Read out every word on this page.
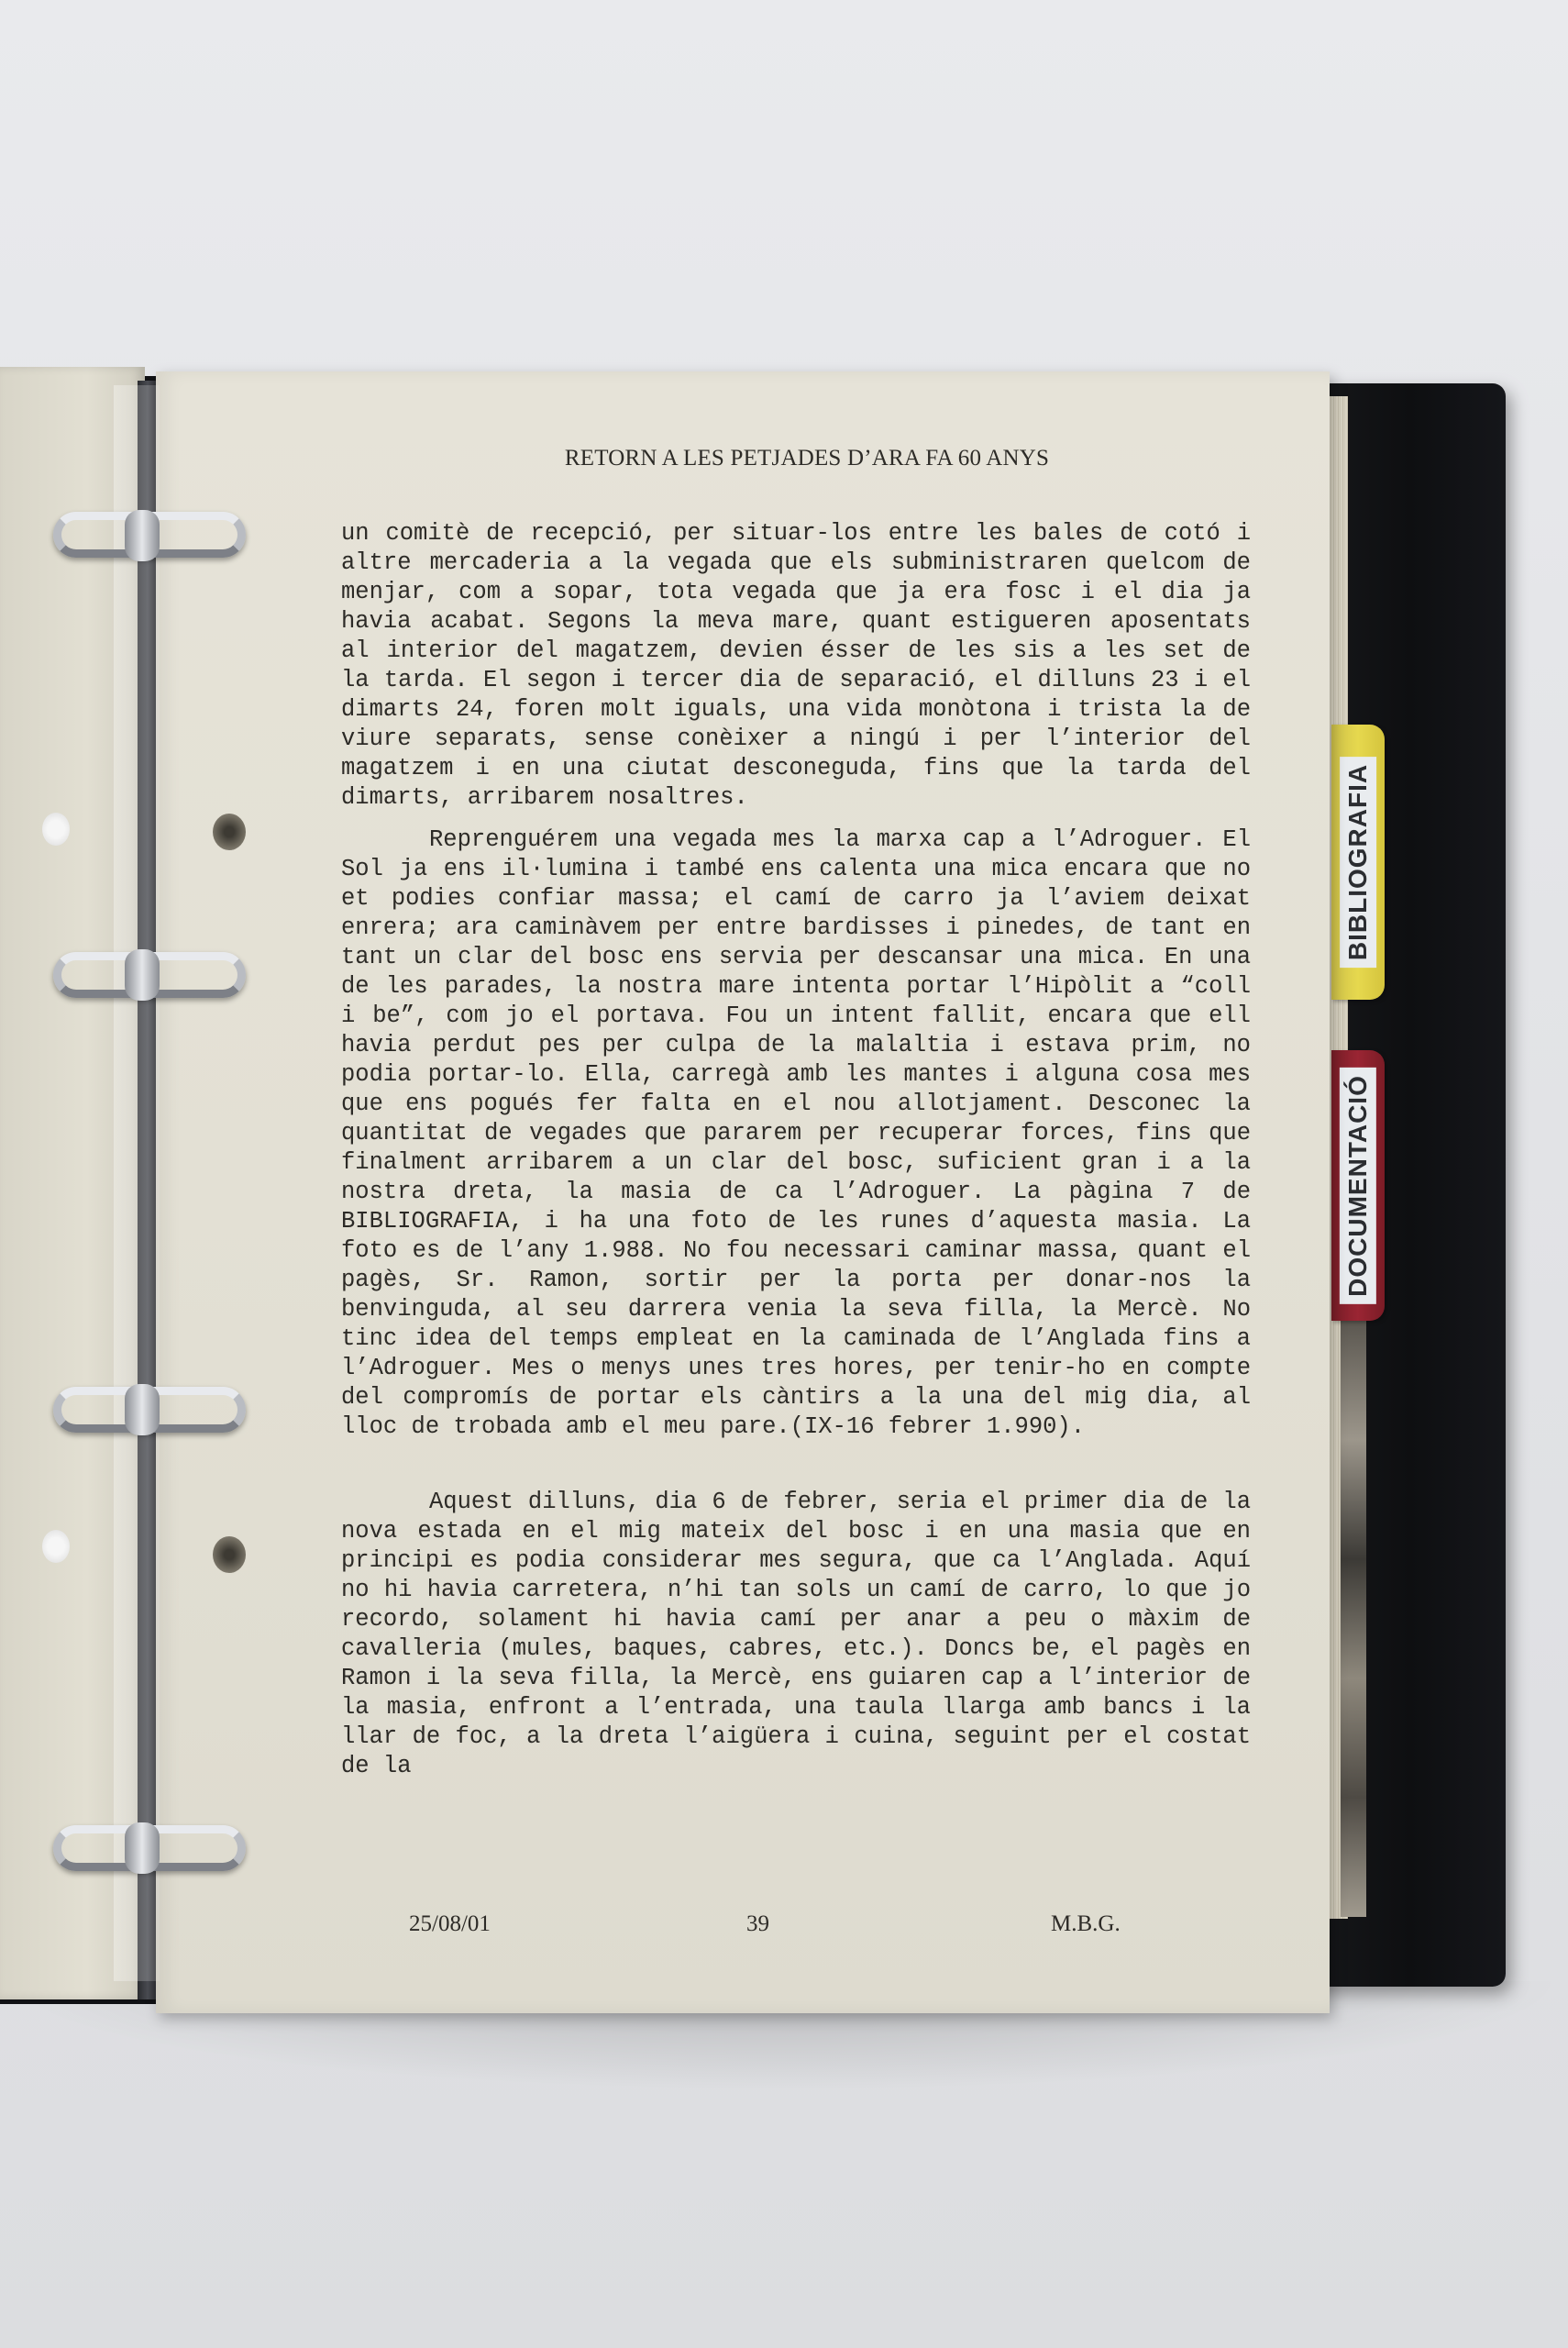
BIBLIOGRAFIA
DOCUMENTACIÓ
RETORN A LES PETJADES D’ARA FA 60 ANYS

un comitè de recepció, per situar-los entre les bales de cotó i altre mercaderia a la vegada que els subministraren quelcom de menjar, com a sopar, tota vegada que ja era fosc i el dia ja havia acabat. Segons la meva mare, quant estigueren aposentats al interior del magatzem, devien ésser de les sis a les set de la tarda. El segon i tercer dia de separació, el dilluns 23 i el dimarts 24, foren molt iguals, una vida monòtona i trista la de viure separats, sense conèixer a ningú i per l’interior del magatzem i en una ciutat desconeguda, fins que la tarda del dimarts, arribarem nosaltres.

Reprenguérem una vegada mes la marxa cap a l’Adroguer. El Sol ja ens il·lumina i també ens calenta una mica encara que no et podies confiar massa; el camí de carro ja l’aviem deixat enrera; ara caminàvem per entre bardisses i pinedes, de tant en tant un clar del bosc ens servia per descansar una mica. En una de les parades, la nostra mare intenta portar l’Hipòlit a “coll i be”, com jo el portava. Fou un intent fallit, encara que ell havia perdut pes per culpa de la malaltia i estava prim, no podia portar-lo. Ella, carregà amb les mantes i alguna cosa mes que ens pogués fer falta en el nou allotjament. Desconec la quantitat de vegades que pararem per recuperar forces, fins que finalment arribarem a un clar del bosc, suficient gran i a la nostra dreta, la masia de ca l’Adroguer. La pàgina 7 de BIBLIOGRAFIA, i ha una foto de les runes d’aquesta masia. La foto es de l’any 1.988. No fou necessari caminar massa, quant el pagès, Sr. Ramon, sortir per la porta per donar-nos la benvinguda, al seu darrera venia la seva filla, la Mercè. No tinc idea del temps empleat en la caminada de l’Anglada fins a l’Adroguer. Mes o menys unes tres hores, per tenir-ho en compte del compromís de portar els càntirs a la una del mig dia, al lloc de trobada amb el meu pare.(IX-16 febrer 1.990).

Aquest dilluns, dia 6 de febrer, seria el primer dia de la nova estada en el mig mateix del bosc i en una masia que en principi es podia considerar mes segura, que ca l’Anglada. Aquí no hi havia carretera, n’hi tan sols un camí de carro, lo que jo recordo, solament hi havia camí per anar a peu o màxim de cavalleria (mules, baques, cabres, etc.). Doncs be, el pagès en Ramon i la seva filla, la Mercè, ens guiaren cap a l’interior de la masia, enfront a l’entrada, una taula llarga amb bancs i la llar de foc, a la dreta l’aigüera i cuina, seguint per el costat de la

25/08/01	39	M.B.G.
